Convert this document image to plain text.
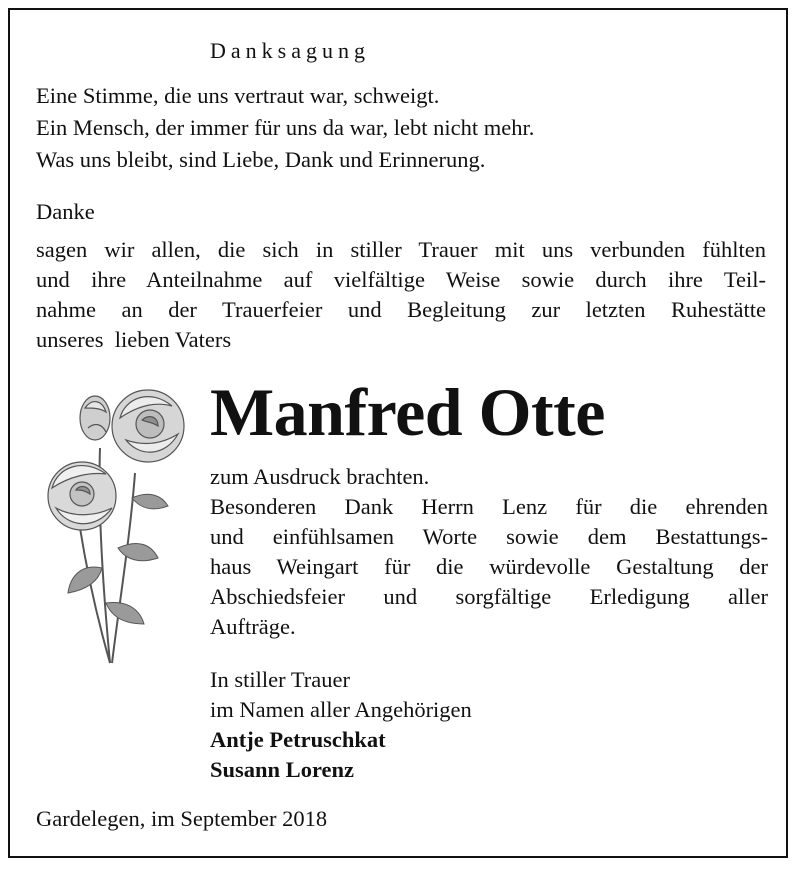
Danksagung
Eine Stimme, die uns vertraut war, schweigt.
Ein Mensch, der immer für uns da war, lebt nicht mehr.
Was uns bleibt, sind Liebe, Dank und Erinnerung.
Danke
sagen wir allen, die sich in stiller Trauer mit uns verbunden fühlten
und ihre Anteilnahme auf vielfältige Weise sowie durch ihre Teil-
nahme an der Trauerfeier und Begleitung zur letzten Ruhestätte
unseres  lieben Vaters
Manfred Otte
zum Ausdruck brachten.
Besonderen Dank Herrn Lenz für die ehrenden
und einfühlsamen Worte sowie dem Bestattungs-
haus Weingart für die würdevolle Gestaltung der
Abschiedsfeier und sorgfältige Erledigung aller
Aufträge.
In stiller Trauer
im Namen aller Angehörigen
Antje Petruschkat
Susann Lorenz
Gardelegen, im September 2018
